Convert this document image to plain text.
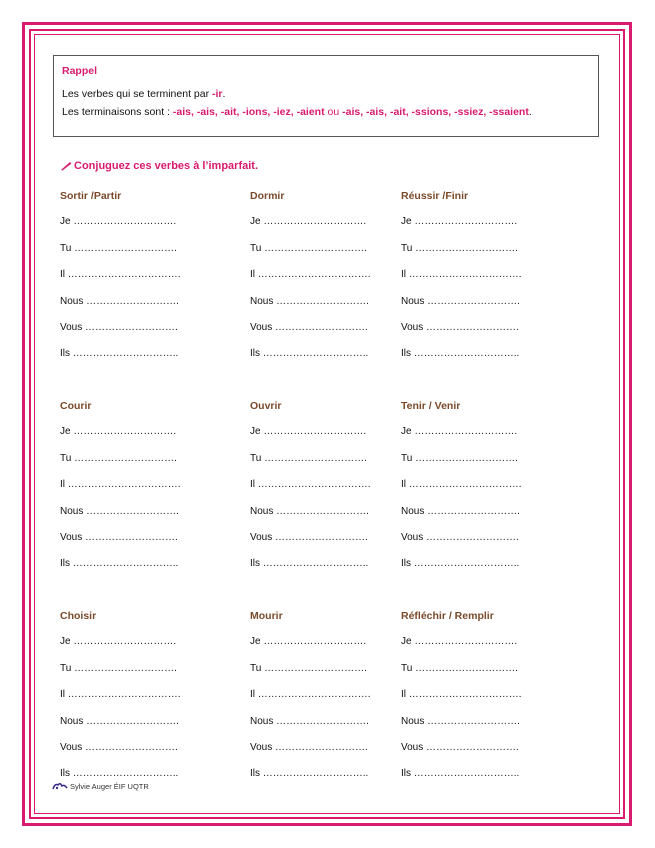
Rappel
Les verbes qui se terminent par -ir.
Les terminaisons sont : -ais, -ais, -ait, -ions, -iez, -aient ou -ais, -ais, -ait, -ssions, -ssiez, -ssaient.
Conjuguez ces verbes à l’imparfait.
Sortir /Partir
Je ………………………….
Tu ………………………….
Il …………………………….
Nous ……………………….
Vous ……………………….
Ils …………………………..
Dormir
Je ………………………….
Tu ………………………….
Il …………………………….
Nous ……………………….
Vous ……………………….
Ils …………………………..
Réussir /Finir
Je ………………………….
Tu ………………………….
Il …………………………….
Nous ……………………….
Vous ……………………….
Ils …………………………..
Courir
Je ………………………….
Tu ………………………….
Il …………………………….
Nous ……………………….
Vous ……………………….
Ils …………………………..
Ouvrir
Je ………………………….
Tu ………………………….
Il …………………………….
Nous ……………………….
Vous ……………………….
Ils …………………………..
Tenir / Venir
Je ………………………….
Tu ………………………….
Il …………………………….
Nous ……………………….
Vous ……………………….
Ils …………………………..
Choisir
Je ………………………….
Tu ………………………….
Il …………………………….
Nous ……………………….
Vous ……………………….
Ils …………………………..
Mourir
Je ………………………….
Tu ………………………….
Il …………………………….
Nous ……………………….
Vous ……………………….
Ils …………………………..
Réfléchir / Remplir
Je ………………………….
Tu ………………………….
Il …………………………….
Nous ……………………….
Vous ……………………….
Ils …………………………..
Sylvie Auger ÉIF UQTR
